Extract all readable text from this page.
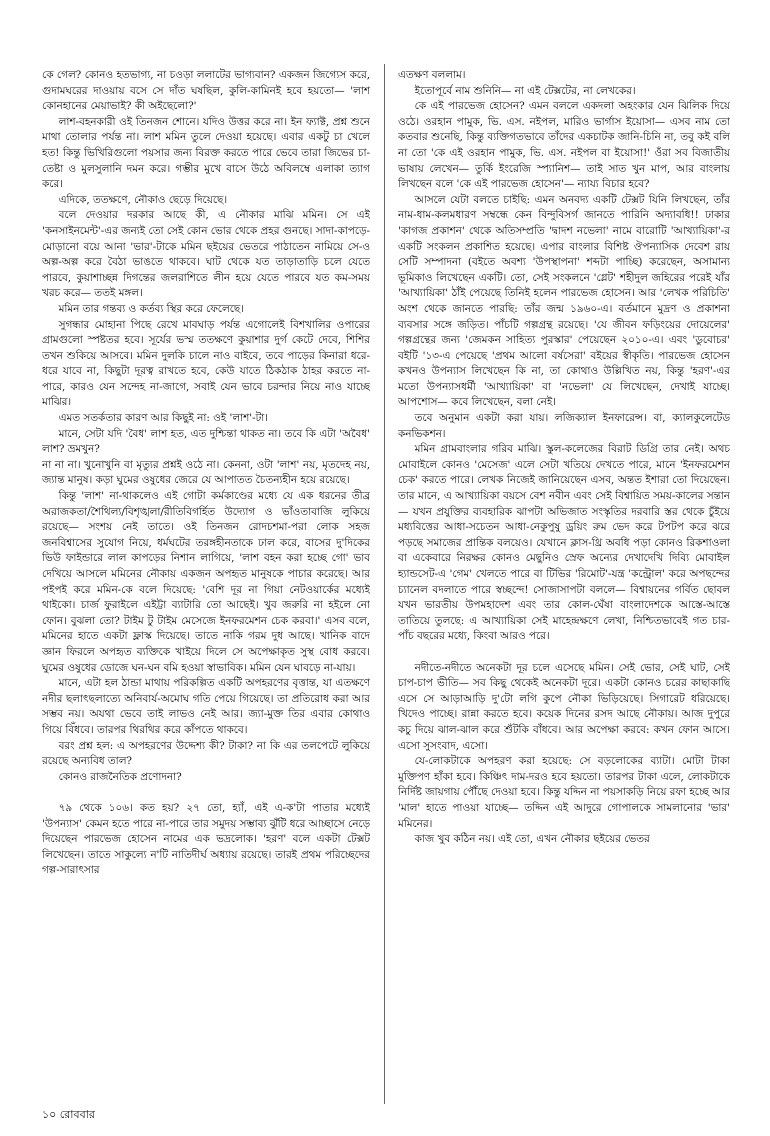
কে গেল? কোনও হতভাগ্য, না চওড়া ললাটের ভাগ্যবান? একজন জিগ্যেস করে, গুদামঘরের দাওয়ায় বসে সে দাঁত ঘষছিল, কুলি-কামিনই হবে হয়তো— 'লাশ কোনহানের মেয়াভাই? কী অইছেলো?'

লাশ-বহনকারী ওই তিনজন শোনে। যদিও উত্তর করে না। ইন ফ্যাক্ট, প্রশ্ন শুনে মাথা তোলার পর্যন্ত না। লাশ মমিন তুলে দেওয়া হয়েছে। এবার একটু চা খেলে হত! কিন্তু ভিখিরিগুলো পয়সার জন্য বিরক্ত করতে পারে ভেবে তারা জিভের চা-তেষ্টা ও মুলসুলানি দমন করে। গম্ভীর মুখে বাসে উঠে অবিলম্বে এলাকা ত্যাগ করে।

এদিকে, ততক্ষণে, নৌকাও ছেড়ে দিয়েছে।

বলে দেওয়ার দরকার আছে কী, এ নৌকার মাঝি মমিন। সে এই 'কনসাইনমেন্ট'-এর জন্যই তো সেই কোন ভোর থেকে প্রহর গুনছে। সাদা-কাপড়ে-মোড়ানো বয়ে আনা 'ভার'-টাকে মমিন ছইয়ের ভেতরে পাঠাতেন নামিয়ে সে-ও অল্প-অল্প করে বৈঠা ভাঙতে থাকবে। ঘাট থেকে যত তাড়াতাড়ি চলে যেতে পারবে, কুয়াশাচ্ছন্ন দিগন্তের জলরাশিতে লীন হয়ে যেতে পারবে যত কম-সময় খরচ করে— ততই মঙ্গল।

মমিন তার গন্তব্য ও কর্তব্য স্থির করে ফেলেছে।

সুগন্ধার মোহানা পিছে রেখে মাবঘাড় পর্যন্ত এগোলেই বিশখালির ওপারের গ্রামগুলো স্পষ্টতর হবে। সূর্যের ভস্ম ততক্ষণে কুয়াশার দুর্গ কেটে দেবে, শিশির তখন শুকিয়ে আসবে। মমিন দুলকি চালে নাও বাইবে, তবে পাড়ের কিনারা ধরে-ধরে যাবে না, কিছুটা দূরত্ব রাখতে হবে, কেউ যাতে ঠিকঠাক ঠাহর করতে না-পারে, কারও যেন সন্দেহ না-জাগে, সবাই যেন ভাবে চরন্দার নিয়ে নাও যাচ্ছে মাঝির।

এমত সতর্কতার কারণ আর কিছুই না: ওই 'লাশ'-টা।

মানে, সেটা যদি 'বৈধ' লাশ হত, এত দুশ্চিন্তা থাকত না। তবে কি এটা 'অবৈধ' লাশ? ভ্রমখুন?

না না না। খুনোখুনি বা মৃত্যুর প্রশ্নই ওঠে না। কেননা, ওটা 'লাশ' নয়, মৃতদেহ নয়, জ্যান্ত মানুষ। কড়া ঘুমের ওষুধের জেরে যে আপাতত চৈতন্যহীন হয়ে রয়েছে।

কিন্তু 'লাশ' না-থাকলেও এই গোটা কর্মকাণ্ডের মধ্যে যে এক ধরনের তীব্র অরাজকতা/শৈথিল্য/বিশৃঙ্খলা/রীতিবিগর্হিত উদ্যোগ ও ভাঁওতাবাজি লুকিয়ে রয়েছে— সংশয় নেই তাতে। ওই তিনজন রোদচশমা-পরা লোক সহজ জনবিশ্বাসের সুযোগ নিয়ে, ধর্মঘটের তরঙ্গহীনতাকে ঢাল করে, বাসের দু'দিকের ভিউ ফাইন্ডারে লাল কাপড়ের নিশান লাগিয়ে, 'লাশ বহন করা হচ্ছে গো' ভাব দেখিয়ে আসলে মমিনের নৌকায় একজন অপহৃত মানুষকে পাচার করেছে। আর পইপই করে মমিন-কে বলে দিয়েছে: 'বেশি দূর না গিয়া নেটওয়ার্কের মধ্যেই থাইকো। চার্জ ফুরাইলে এইট্টা ব্যাটারি তো আছেই। খুব জরুরি না হইলে নো ফোন। বুঝলা তো? টাইম টু টাইম মেসেজে ইনফরমেশন চেক করবা।' এসব বলে, মমিনের হাতে একটা ফ্লাস্ক দিয়েছে। তাতে নাকি গরম দুধ আছে। খানিক বাদে জ্ঞান ফিরলে অপহৃত ব্যক্তিকে খাইয়ে দিলে সে অপেক্ষাকৃত সুস্থ বোধ করবে। ঘুমের ওষুধের ডোজে ঘন-ঘন বমি হওয়া স্বাভাবিক। মমিন যেন ঘাবড়ে না-যায়।

মানে, এটা হল ঠান্ডা মাথায় পরিকল্পিত একটি অপহরণের বৃত্তান্ত, যা এতক্ষণে নদীর ছলাৎছলাত্যে অনিবার্য-অমোঘ গতি পেয়ে গিয়েছে। তা প্রতিরোধ করা আর সম্ভব নয়। অযথা ভেবে তাই লাভও নেই আর। জ্যা-মুক্ত তির এবার কোথাও গিয়ে বিঁধবে। তারপর থিরথির করে কাঁপতে থাকবে।

বরং প্রশ্ন হল: এ অপহরণের উদ্দেশ্য কী? টাকা? না কি এর তলপেটে লুকিয়ে রয়েছে অন্যবিধ তাল?

কোনও রাজনৈতিক প্রণোদনা?

৭৯ থেকে ১০৬। কত হয়? ২৭ তো, হ্যাঁ, এই এ-ক'টা পাতার মধ্যেই 'উপন্যাস' কেমন হতে পারে না-পারে তার সমুদয় সম্ভাব্য ঝুঁটি ধরে আচ্ছাসে নেড়ে দিয়েছেন পারভেজ হোসেন নামের এক ভদ্রলোক। 'হরণ' বলে একটা টেক্সট লিখেছেন। তাতে সাকুল্যে ন'টি নাতিদীর্ঘ অধ্যায় রয়েছে। তারই প্রথম পরিচ্ছেদের গল্প-সারাৎসার

এতক্ষণ বললাম।

ইতোপূর্বে নাম শুনিনি— না এই টেক্সটের, না লেখকের।

কে এই পারভেজ হোসেন? এমন বললে একদলা অহংকার যেন ঝিলিক দিয়ে ওঠে। ওরহান পামুক, ভি. এস. নইপল, মারিও ভার্গাস ইয়োসা— এসব নাম তো কতবার শুনেছি, কিন্তু ব্যক্তিগতভাবে তাঁদের একচাটক জানি-চিনি না, তবু কই বলি না তো 'কে এই ওরহান পামুক, ভি. এস. নইপল বা ইয়োসা!' ওঁরা সব বিজাতীয় ভাষায় লেখেন— তুর্কি ইংরেজি স্প্যানিশ— তাই সাত খুন মাপ, আর বাংলায় লিখছেন বলে 'কে এই পারভেজ হোসেন'— ন্যায্য বিচার হবে?

আসলে যেটা বলতে চাইছি: এমন অনবদ্য একটি টেক্সট যিনি লিখছেন, তাঁর নাম-ধাম-কলমধারণ সম্বন্ধে কেন বিন্দুবিসর্গ জানতে পারিনি অদ্যাবধি!! ঢাকার 'কাগজ প্রকাশন' থেকে অতিসম্প্রতি 'দ্বাদশ নভেলা' নামে বারোটি 'আখ্যায়িকা'-র একটি সংকলন প্রকাশিত হয়েছে। এপার বাংলার বিশিষ্ট ঔপন্যাসিক দেবেশ রায় সেটি সম্পাদনা (বইতে অবশ্য 'উপস্থাপনা' শব্দটা পাচ্ছি) করেছেন, অসামান্য ভূমিকাও লিখেছেন একটি। তো, সেই সংকলনে 'গ্লেট' শহীদুল জহিরের পরেই যাঁর 'আখ্যায়িকা' ঠাঁই পেয়েছে তিনিই হলেন পারভেজ হোসেন। আর 'লেখক পরিচিতি' অংশ থেকে জানতে পারছি: তাঁর জন্ম ১৯৬০-এ। বর্তমানে মুদ্রণ ও প্রকাশনা ব্যবসার সঙ্গে জড়িত। পাঁচটি গল্পগ্রন্থ রয়েছে। 'যে জীবন ফড়িংয়ের দোয়েলের' গল্পগ্রন্থের জন্য 'জেমকন সাহিত্য পুরস্কার' পেয়েছেন ২০১০-এ। এবং 'ডুবোচর' বইটি '১৩-এ পেয়েছে 'প্রথম আলো বর্ষসেরা' বইয়ের স্বীকৃতি। পারভেজ হোসেন কখনও উপন্যাস লিখেছেন কি না, তা কোথাও উল্লিখিত নয়, কিন্তু 'হরণ'-এর মতো উপন্যাসধর্মী 'আখ্যায়িকা' বা 'নভেলা' যে লিখেছেন, দেখাই যাচ্ছে। আপশোস— কবে লিখেছেন, বলা নেই।

তবে অনুমান একটা করা যায়। লজিক্যাল ইনফারেন্স। বা, ক্যালকুলেটেড কনভিকশন।

মমিন গ্রামবাংলার গরিব মাঝি। স্কুল-কলেজের বিরাট ডিগ্রি তার নেই। অথচ মোবাইলে কোনও 'মেসেজ' এলে সেটা খতিয়ে দেখতে পারে, মানে 'ইনফরমেশন চেক' করতে পারে। লেখক নিজেই জানিয়েছেন এসব, অন্তত ইশারা তো দিয়েছেন। তার মানে, এ আখ্যায়িকা বয়সে বেশ নবীন এবং সেই বিশ্বায়িত সময়-কালের সন্তান— যখন প্রযুক্তির ব্যবহারিক ঝাপটা অভিজাত সংস্কৃতির দরবারি স্তর থেকে চুঁইয়ে মধ্যবিত্তের আধা-সচেতন আধা-নেকুপুষু ড্রয়িং রুম ভেদ করে টপটপ করে ঝরে পড়ছে সমাজের প্রান্তিক বলয়েও। যেখানে ক্লাস-থ্রি অবধি পড়া কোনও রিকশাওলা বা একেবারে নিরক্ষর কোনও মেছুনিও স্রেফ অন্যের দেখাদেখি দিব্যি মোবাইল হ্যান্ডসেট-এ 'গেম' খেলতে পারে বা টিভির 'রিমোট'-যন্ত্র 'কন্ট্রোল' করে অপছন্দের চ্যানেল বদলাতে পারে স্বচ্ছন্দে! সোজাসাপটা বললে— বিশ্বায়নের গর্বিত ছোবল যখন ভারতীয় উপমহাদেশ এবং তার কোল-ঘেঁষা বাংলাদেশকে আস্তে-আস্তে তাতিয়ে তুলছে: এ আখ্যায়িকা সেই মাহেন্দ্রক্ষণে লেখা, নিশ্চিতভাবেই গত চার-পাঁচ বছরের মধ্যে, কিংবা আরও পরে।

নদীতে-নদীতে অনেকটা দূর চলে এসেছে মমিন। সেই ভোর, সেই ঘাট, সেই চাপ-চাপ ভীতি— সব কিছু থেকেই অনেকটা দূরে। একটা কোনও চরের কাছাকাছি এসে সে আড়াআড়ি দু'টো লগি কুপে নৌকা ভিড়িয়েছে। সিগারেট ধরিয়েছে। খিদেও পাচ্ছে। রান্না করতে হবে। কয়েক দিনের রসদ আছে নৌকায়। আজ দুপুরে কচু দিয়ে ঝাল-ঝাল করে শুঁটকি বাঁধবে। আর অপেক্ষা করবে: কখন ফোন আসে। এসো সুসংবাদ, এসো।

যে-লোকটাকে অপহরণ করা হয়েছে: সে বড়লোকের ব্যাটা। মোটা টাকা মুক্তিপণ হাঁকা হবে। কিঞ্চিৎ দাম-দরও হবে হয়তো। তারপর টাকা এলে, লোকটাকে নির্দিষ্ট জায়গায় পৌঁছে দেওয়া হবে। কিন্তু যদ্দিন না পয়সাকড়ি নিয়ে রফা হচ্ছে আর 'মাল' হাতে পাওয়া যাচ্ছে— তদ্দিন এই আদুরে গোপালকে সামলানোর 'ভার' মমিনের।

কাজ খুব কঠিন নয়। এই তো, এখন নৌকার ছইয়ের ভেতর

১০ রোববার
